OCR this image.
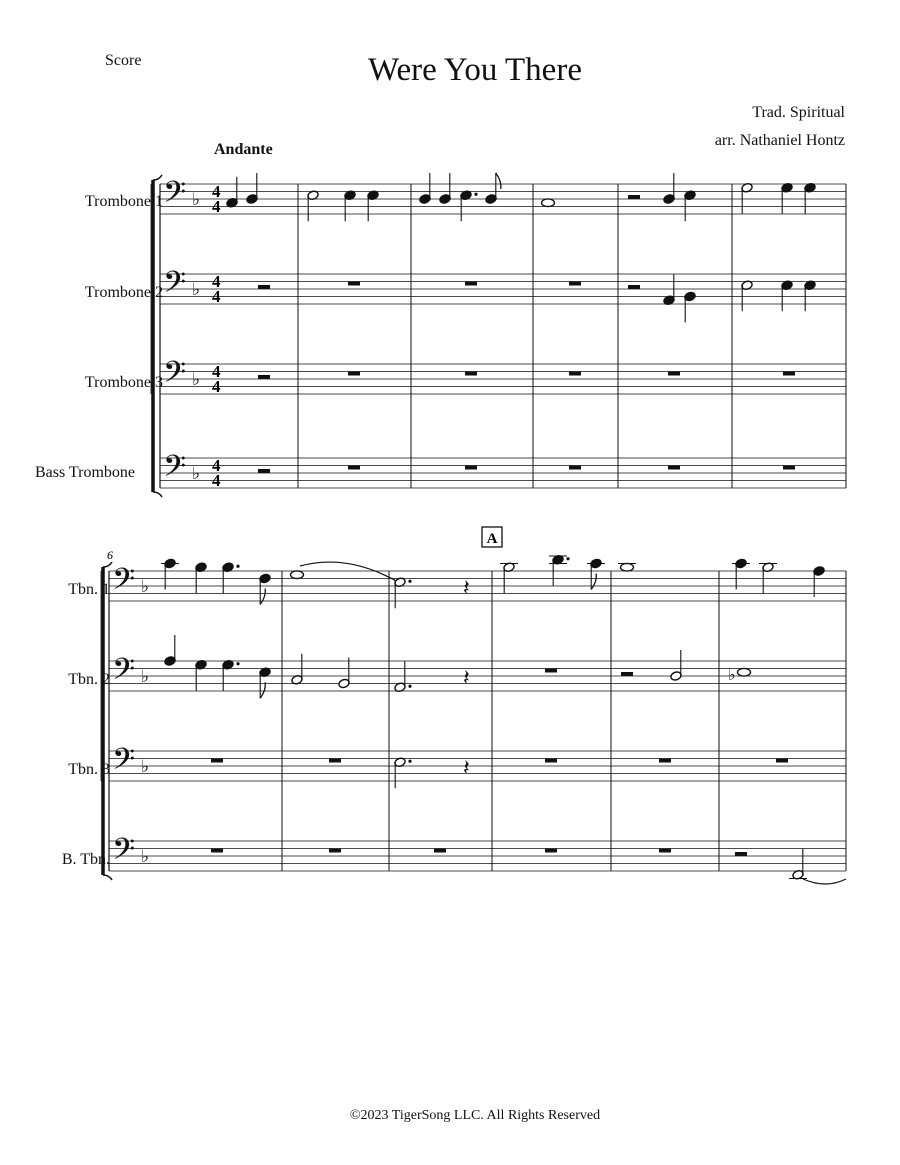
Score	Were You There
Trad. Spiritual
arr. Nathaniel Hontz
Andante
Trombone 1
Trombone 2
Trombone 3
Bass Trombone
Tbn. 1
Tbn. 2
Tbn. 3
B. Tbn.
𝄢 ♭
𝄢 ♭
𝄢 ♭
𝄢 ♭
𝄢 ♭
𝄢 ♭
𝄢 ♭
𝄢 ♭
𝄽
𝄽	♭
𝄽
6
A
4
4
4
4
4
4
4
4
©2023 TigerSong LLC. All Rights Reserved
